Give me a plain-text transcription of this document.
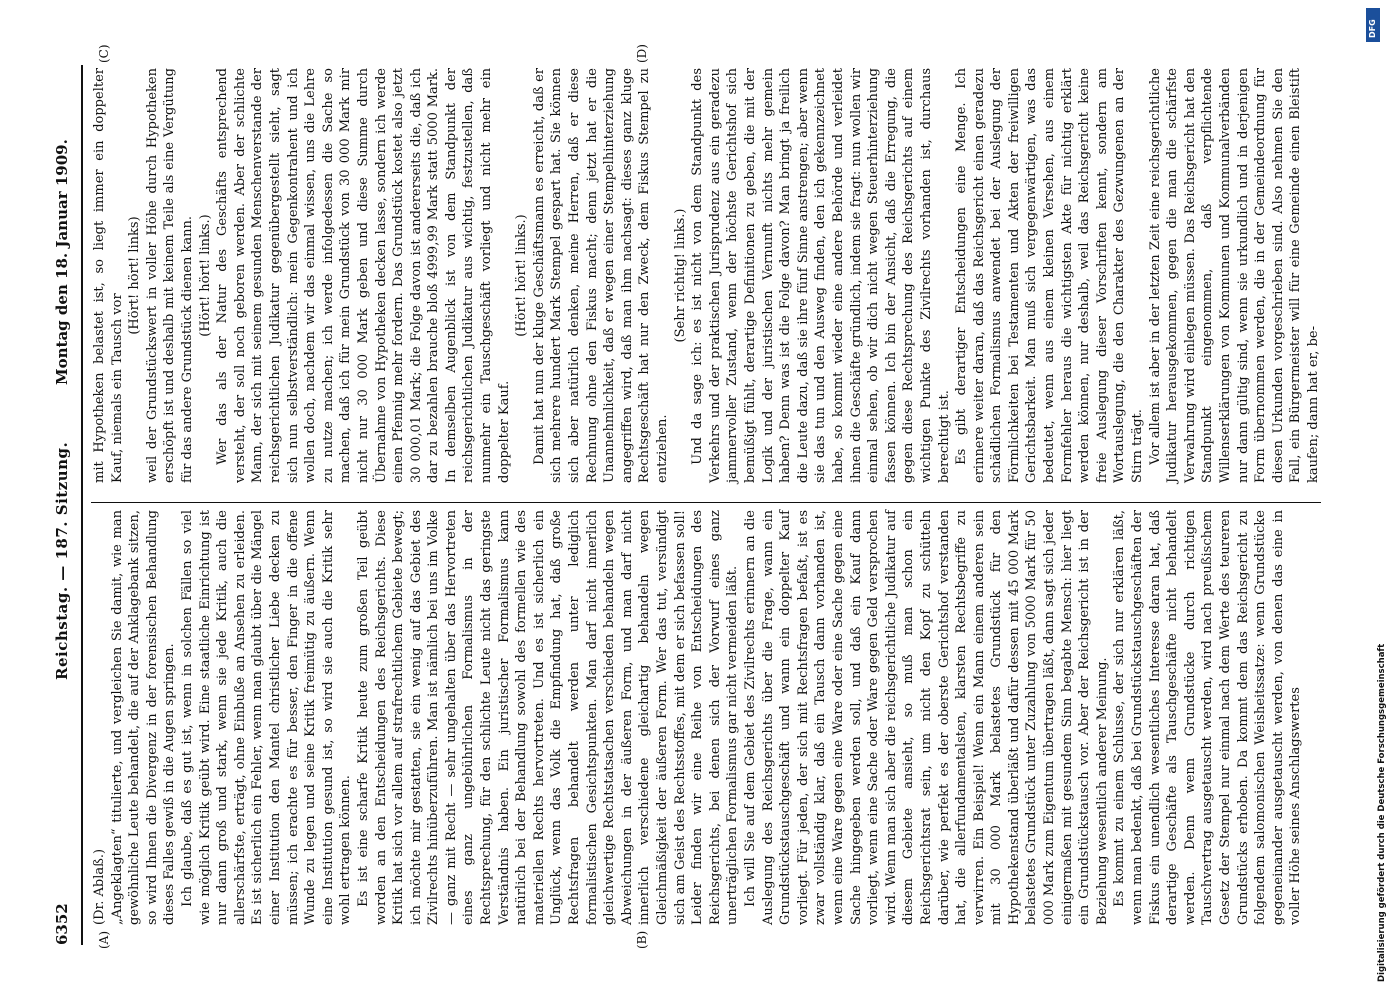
6352
Reichstag. — 187. Sitzung.
Montag den 18. Januar 1909.
(A)	(B)
(C)	(D)

(Dr. Ablaß.) „Angeklagten“ titulierte, und vergleichen Sie damit, wie man gewöhnliche Leute behandelt, die auf der Anklagebank sitzen, so wird Ihnen die Divergenz in der forensischen Behandlung dieses Falles gewiß in die Augen springen. Ich glaube, daß es gut ist, wenn in solchen Fällen so viel wie möglich Kritik geübt wird. Eine staatliche Einrichtung ist nur dann groß und stark, wenn sie jede Kritik, auch die allerschärfste, erträgt, ohne Einbuße an Ansehen zu erleiden. Es ist sicherlich ein Fehler, wenn man glaubt über die Mängel einer Institution den Mantel christlicher Liebe decken zu müssen; ich erachte es für besser, den Finger in die offene Wunde zu legen und seine Kritik freimütig zu äußern. Wenn eine Institution gesund ist, so wird sie auch die Kritik sehr wohl ertragen können. Es ist eine scharfe Kritik heute zum großen Teil geübt worden an den Entscheidungen des Reichsgerichts. Diese Kritik hat sich vor allem auf strafrechtlichem Gebiete bewegt; ich möchte mir gestatten, sie ein wenig auf das Gebiet des Zivilrechts hinüberzuführen. Man ist nämlich bei uns im Volke — ganz mit Recht — sehr ungehalten über das Hervortreten eines ganz ungebührlichen Formalismus in der Rechtsprechung, für den schlichte Leute nicht das geringste Verständnis haben. Ein juristischer Formalismus kann natürlich bei der Behandlung sowohl des formellen wie des materiellen Rechts hervortreten. Und es ist sicherlich ein Unglück, wenn das Volk die Empfindung hat, daß große Rechtsfragen behandelt werden unter lediglich formalistischen Gesichtspunkten. Man darf nicht innerlich gleichwertige Rechtstatsachen verschieden behandeln wegen Abweichungen in der äußeren Form, und man darf nicht innerlich verschiedene gleichartig behandeln wegen Gleichmäßigkeit der äußeren Form. Wer das tut, versündigt sich am Geist des Rechtsstoffes, mit dem er sich befassen soll! Leider finden wir eine Reihe von Entscheidungen des Reichsgerichts, bei denen sich der Vorwurf eines ganz unerträglichen Formalismus gar nicht vermeiden läßt. Ich will Sie auf dem Gebiet des Zivilrechts erinnern an die Auslegung des Reichsgerichts über die Frage, wann ein Grundstückstauschgeschäft und wann ein doppelter Kauf vorliegt. Für jeden, der sich mit Rechtsfragen befaßt, ist es zwar vollständig klar, daß ein Tausch dann vorhanden ist, wenn eine Ware gegen eine Ware oder eine Sache gegen eine Sache hingegeben werden soll, und daß ein Kauf dann vorliegt, wenn eine Sache oder Ware gegen Geld versprochen wird. Wenn man sich aber die reichsgerichtliche Judikatur auf diesem Gebiete ansieht, so muß man schon ein Reichsgerichtsrat sein, um nicht den Kopf zu schütteln darüber, wie perfekt es der oberste Gerichtshof verstanden hat, die allerfundamentalsten, klarsten Rechtsbegriffe zu verwirren. Ein Beispiel! Wenn ein Mann einem anderen sein mit 30 000 Mark belastetes Grundstück für den Hypothekenstand überläßt und dafür dessen mit 45 000 Mark belastetes Grundstück unter Zuzahlung von 5000 Mark für 50 000 Mark zum Eigentum übertragen läßt, dann sagt sich jeder einigermaßen mit gesundem Sinn begabte Mensch: hier liegt ein Grundstückstausch vor. Aber der Reichsgericht ist in der Beziehung wesentlich anderer Meinung. Es kommt zu einem Schlusse, der sich nur erklären läßt, wenn man bedenkt, daß bei Grundstückstauschgeschäften der Fiskus ein unendlich wesentliches Interesse daran hat, daß derartige Geschäfte als Tauschgeschäfte nicht behandelt werden. Denn wenn Grundstücke durch richtigen Tauschvertrag ausgetauscht werden, wird nach preußischem Gesetz der Stempel nur einmal nach dem Werte des teureren Grundstücks erhoben. Da kommt dem das Reichsgericht zu folgendem salomonischen Weisheitssatze: wenn Grundstücke gegeneinander ausgetauscht werden, von denen das eine in voller Höhe seines Anschlagswertes

mit Hypotheken belastet ist, so liegt immer ein doppelter Kauf, niemals ein Tausch vor

(Hört! hört! links) weil der Grundstückswert in voller Höhe durch Hypotheken erschöpft ist und deshalb mit keinem Teile als eine Vergütung für das andere Grundstück dienen kann. (Hört! hört! links.) Wer das als der Natur des Geschäfts entsprechend versteht, der soll noch geboren werden. Aber der schlichte Mann, der sich mit seinem gesunden Menschenverstande der reichsgerichtlichen Judikatur gegenübergestellt sieht, sagt sich nun selbstverständlich: mein Gegenkontrahent und ich wollen doch, nachdem wir das einmal wissen, uns die Lehre zu nutze machen; ich werde infolgedessen die Sache so machen, daß ich für mein Grundstück von 30 000 Mark mir nicht nur 30 000 Mark geben und diese Summe durch Übernahme von Hypotheken decken lasse, sondern ich werde einen Pfennig mehr fordern. Das Grundstück kostet also jetzt 30 000,01 Mark; die Folge davon ist andererseits die, daß ich dar zu bezahlen brauche bloß 4999,99 Mark statt 5000 Mark. In demselben Augenblick ist von dem Standpunkt der reichsgerichtlichen Judikatur aus wichtig, festzustellen, daß nunmehr ein Tauschgeschäft vorliegt und nicht mehr ein doppelter Kauf.

(Hört! hört! links.) Damit hat nun der kluge Geschäftsmann es erreicht, daß er sich mehrere hundert Mark Stempel gespart hat. Sie können sich aber natürlich denken, meine Herren, daß er diese Rechnung ohne den Fiskus macht; denn jetzt hat er die Unannehmlichkeit, daß er wegen einer Stempelhinterziehung angegriffen wird, daß man ihm nachsagt: dieses ganz kluge Rechtsgeschäft hat nur den Zweck, dem Fiskus Stempel zu entziehen.

(Sehr richtig! links.) Und da sage ich: es ist nicht von dem Standpunkt des Verkehrs und der praktischen Jurisprudenz aus ein geradezu jammervoller Zustand, wenn der höchste Gerichtshof sich bemüßigt fühlt, derartige Definitionen zu geben, die mit der Logik und der juristischen Vernunft nichts mehr gemein haben? Denn was ist die Folge davon? Man bringt ja freilich die Leute dazu, daß sie ihre fünf Sinne anstrengen; aber wenn sie das tun und den Ausweg finden, den ich gekennzeichnet habe, so kommt wieder eine andere Behörde und verleidet ihnen die Geschäfte gründlich, indem sie fragt: nun wollen wir einmal sehen, ob wir dich nicht wegen Steuerhinterziehung fassen können. Ich bin der Ansicht, daß die Erregung, die gegen diese Rechtsprechung des Reichsgerichts auf einem wichtigen Punkte des Zivilrechts vorhanden ist, durchaus berechtigt ist. Es gibt derartiger Entscheidungen eine Menge. Ich erinnere weiter daran, daß das Reichsgericht einen geradezu schädlichen Formalismus anwendet bei der Auslegung der Förmlichkeiten bei Testamenten und Akten der freiwilligen Gerichtsbarkeit. Man muß sich vergegenwärtigen, was das bedeutet, wenn aus einem kleinen Versehen, aus einem Formfehler heraus die wichtigsten Akte für nichtig erklärt werden können, nur deshalb, weil das Reichsgericht keine freie Auslegung dieser Vorschriften kennt, sondern am Wortauslegung, die den Charakter des Gezwungenen an der Stirn trägt. Vor allem ist aber in der letzten Zeit eine reichsgerichtliche Judikatur herausgekommen, gegen die man die schärfste Verwahrung wird einlegen müssen. Das Reichsgericht hat den Standpunkt eingenommen, daß verpflichtende Willenserklärungen von Kommunen und Kommunalverbänden nur dann gültig sind, wenn sie urkundlich und in derjenigen Form übernommen werden, die in der Gemeindeordnung für diesen Urkunden vorgeschrieben sind. Also nehmen Sie den Fall, ein Bürgermeister will für eine Gemeinde einen Bleistift kaufen; dann hat er, be-

Digitalisierung gefördert durch die Deutsche Forschungsgemeinschaft
DFG
